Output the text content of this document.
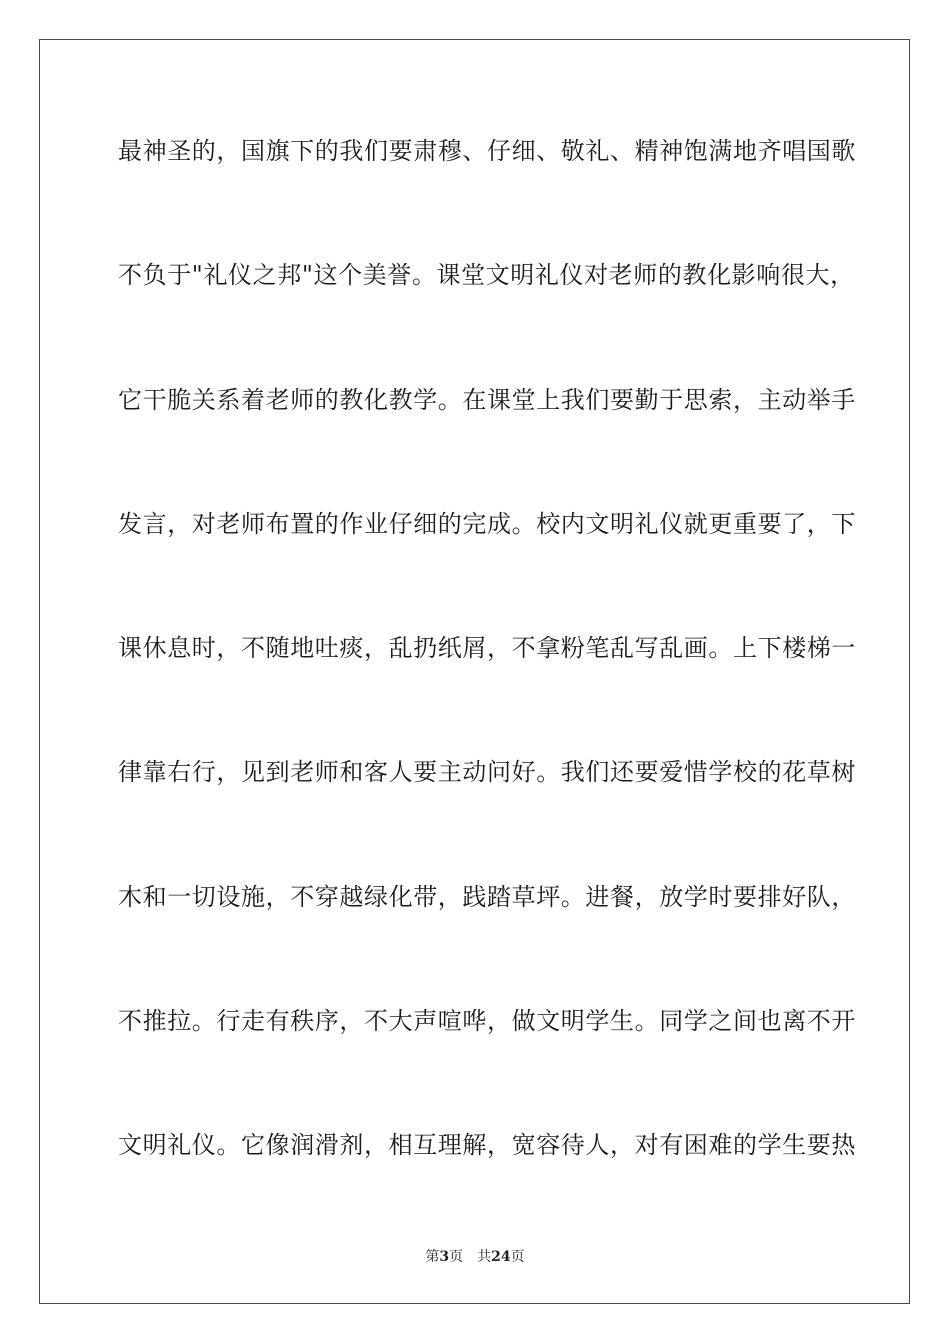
最神圣的，国旗下的我们要肃穆、仔细、敬礼、精神饱满地齐唱国歌
不负于"礼仪之邦"这个美誉。课堂文明礼仪对老师的教化影响很大，
它干脆关系着老师的教化教学。在课堂上我们要勤于思索，主动举手
发言，对老师布置的作业仔细的完成。校内文明礼仪就更重要了，下
课休息时，不随地吐痰，乱扔纸屑，不拿粉笔乱写乱画。上下楼梯一
律靠右行，见到老师和客人要主动问好。我们还要爱惜学校的花草树
木和一切设施，不穿越绿化带，践踏草坪。进餐，放学时要排好队，
不推拉。行走有秩序，不大声喧哗，做文明学生。同学之间也离不开
文明礼仪。它像润滑剂，相互理解，宽容待人，对有困难的学生要热
第3页 共24页
